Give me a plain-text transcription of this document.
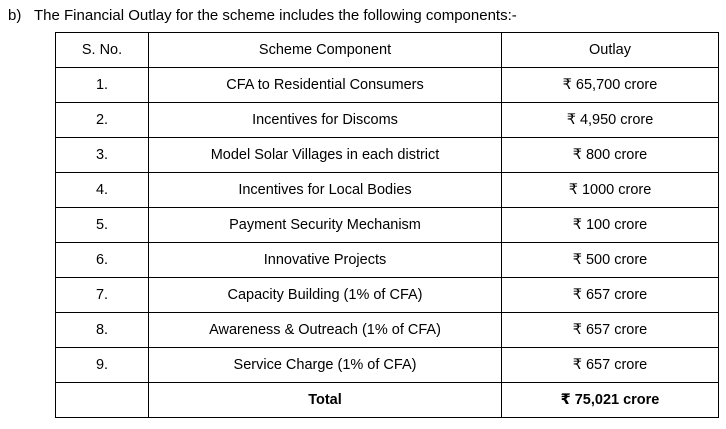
b) The Financial Outlay for the scheme includes the following components:-
S. No.	Scheme Component	Outlay
1.	CFA to Residential Consumers	₹ 65,700 crore
2.	Incentives for Discoms	₹ 4,950 crore
3.	Model Solar Villages in each district	₹ 800 crore
4.	Incentives for Local Bodies	₹ 1000 crore
5.	Payment Security Mechanism	₹ 100 crore
6.	Innovative Projects	₹ 500 crore
7.	Capacity Building (1% of CFA)	₹ 657 crore
8.	Awareness & Outreach (1% of CFA)	₹ 657 crore
9.	Service Charge (1% of CFA)	₹ 657 crore
	Total	₹ 75,021 crore
